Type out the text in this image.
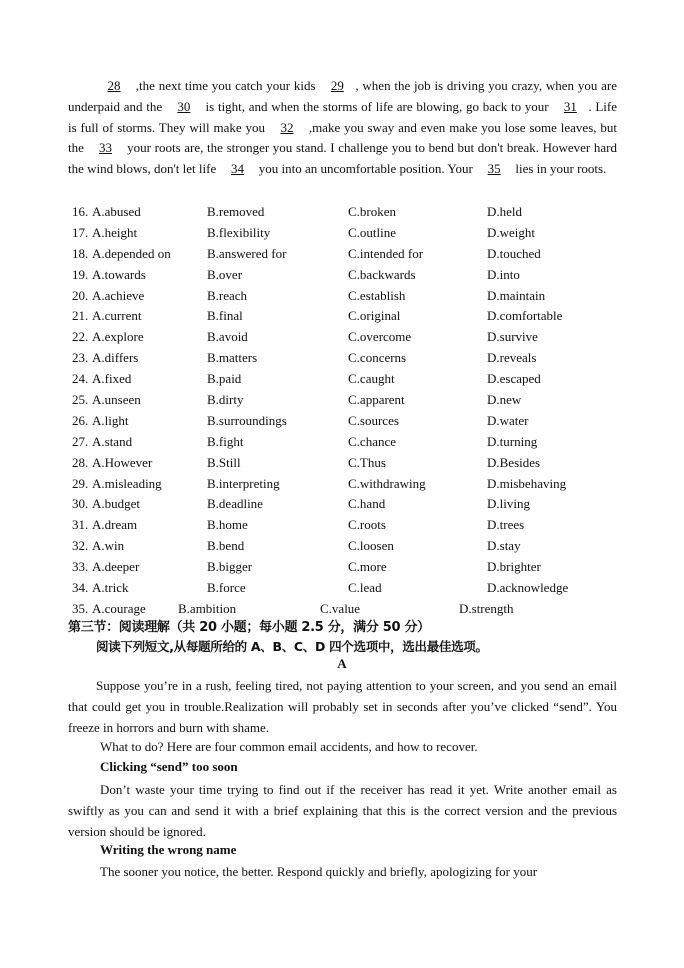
28 ,the next time you catch your kids 29 , when the job is driving you crazy, when you are underpaid and the 30 is tight, and when the storms of life are blowing, go back to your 31 . Life is full of storms. They will make you 32 ,make you sway and even make you lose some leaves, but the 33 your roots are, the stronger you stand. I challenge you to bend but don't break. However hard the wind blows, don't let life 34 you into an uncomfortable position. Your 35 lies in your roots.
16. A.abused	B.removed	C.broken	D.held
17. A.height	B.flexibility	C.outline	D.weight
18. A.depended on	B.answered for	C.intended for	D.touched
19. A.towards	B.over	C.backwards	D.into
20. A.achieve	B.reach	C.establish	D.maintain
21. A.current	B.final	C.original	D.comfortable
22. A.explore	B.avoid	C.overcome	D.survive
23. A.differs	B.matters	C.concerns	D.reveals
24. A.fixed	B.paid	C.caught	D.escaped
25. A.unseen	B.dirty	C.apparent	D.new
26. A.light	B.surroundings	C.sources	D.water
27. A.stand	B.fight	C.chance	D.turning
28. A.However	B.Still	C.Thus	D.Besides
29. A.misleading	B.interpreting	C.withdrawing	D.misbehaving
30. A.budget	B.deadline	C.hand	D.living
31. A.dream	B.home	C.roots	D.trees
32. A.win	B.bend	C.loosen	D.stay
33. A.deeper	B.bigger	C.more	D.brighter
34. A.trick	B.force	C.lead	D.acknowledge
35. A.courage B.ambition	C.value	D.strength
第三节：阅读理解（共 20 小题；每小题 2.5 分，满分 50 分）
阅读下列短文,从每题所给的 A、B、C、D 四个选项中，选出最佳选项。
A
Suppose you’re in a rush, feeling tired, not paying attention to your screen, and you send an email that could get you in trouble.Realization will probably set in seconds after you’ve clicked “send”. You freeze in horrors and burn with shame.
What to do? Here are four common email accidents, and how to recover.
Clicking “send” too soon
Don’t waste your time trying to find out if the receiver has read it yet. Write another email as swiftly as you can and send it with a brief explaining that this is the correct version and the previous version should be ignored.
Writing the wrong name
The sooner you notice, the better. Respond quickly and briefly, apologizing for your
